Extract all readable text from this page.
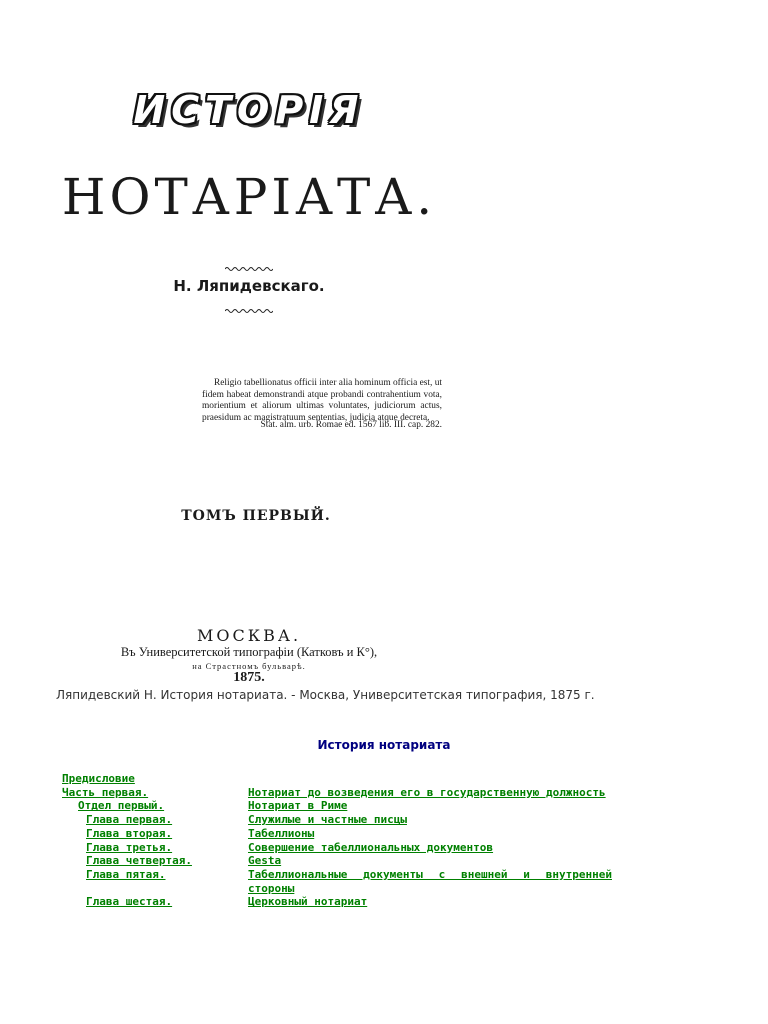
ИСТОРІЯ
НОТАРІАТА.
Н. Ляпидевскаго.
Religio tabellionatus officii inter alia hominum officia est, ut fidem habeat demonstrandi atque probandi contrahentium vota, morientium et aliorum ultimas voluntates, judiciorum actus, praesidum ac magistratuum sententias, judicia atque decreta.
Stat. alm. urb. Romae ed. 1567 lib. III. cap. 282.
ТОМЪ ПЕРВЫЙ.
МОСКВА.
Въ Университетской типографіи (Катковъ и К°),
на Страстномъ бульварѣ.
1875.
Ляпидевский Н. История нотариата. - Москва, Университетская типография, 1875 г.
История нотариата
Предисловие
Часть первая.	Нотариат до возведения его в государственную должность
Отдел первый.	Нотариат в Риме
Глава первая.	Служилые и частные писцы
Глава вторая.	Табеллионы
Глава третья.	Совершение табеллиональных документов
Глава четвертая.	Gesta
Глава пятая.	Табеллиональные документы с внешней и внутренней стороны
Глава шестая.	Церковный нотариат
